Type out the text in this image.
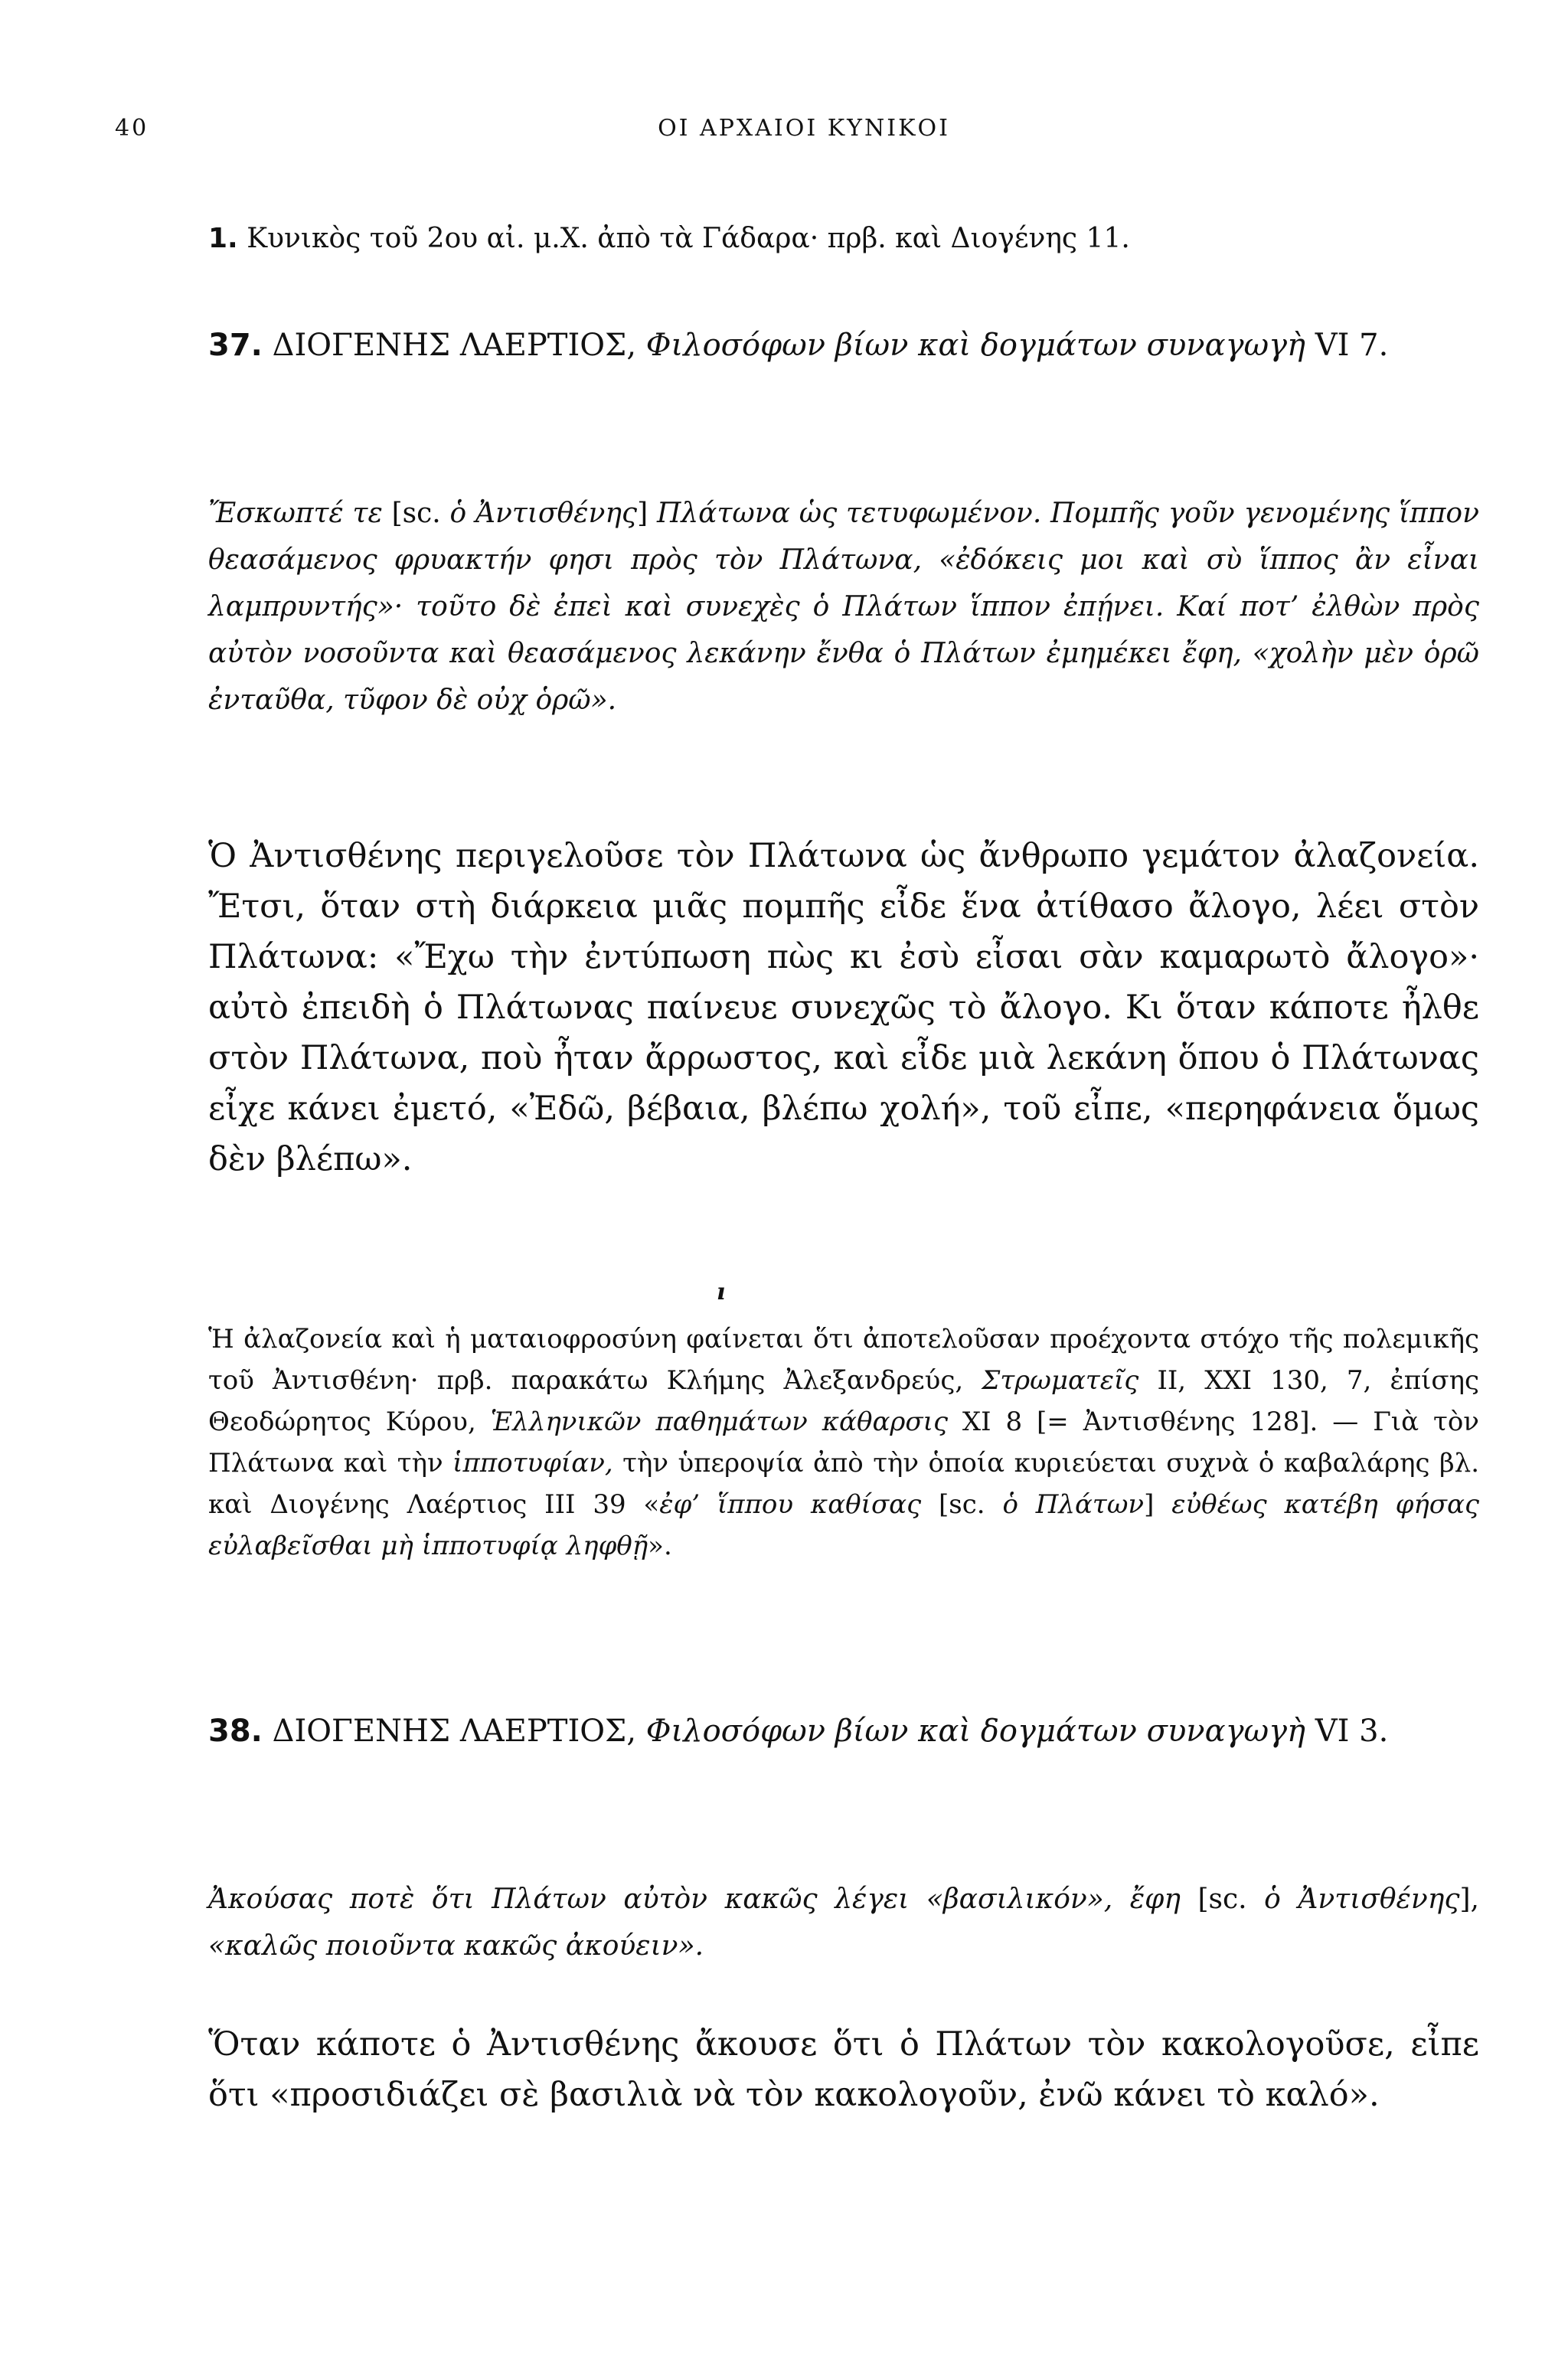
40	ΟΙ ΑΡΧΑΙΟΙ ΚΥΝΙΚΟΙ

1. Κυνικὸς τοῦ 2ου αἰ. μ.Χ. ἀπὸ τὰ Γάδαρα· πρβ. καὶ Διογένης 11.

37. ΔΙΟΓΕΝΗΣ ΛΑΕΡΤΙΟΣ, Φιλοσόφων βίων καὶ δογμάτων συναγωγὴ VI 7.

Ἔσκωπτέ τε [sc. ὁ Ἀντισθένης] Πλάτωνα ὡς τετυφωμένον. Πομπῆς γοῦν γενομένης ἵππον θεασάμενος φρυακτήν φησι πρὸς τὸν Πλάτωνα, «ἐδόκεις μοι καὶ σὺ ἵππος ἂν εἶναι λαμπρυντής»· τοῦτο δὲ ἐπεὶ καὶ συνεχὲς ὁ Πλάτων ἵππον ἐπῄνει. Καί ποτ’ ἐλθὼν πρὸς αὐτὸν νοσοῦντα καὶ θεασάμενος λεκάνην ἔνθα ὁ Πλάτων ἐμημέκει ἔφη, «χολὴν μὲν ὁρῶ ἐνταῦθα, τῦφον δὲ οὐχ ὁρῶ».

Ὁ Ἀντισθένης περιγελοῦσε τὸν Πλάτωνα ὡς ἄνθρωπο γεμάτον ἀλαζονεία. Ἔτσι, ὅταν στὴ διάρκεια μιᾶς πομπῆς εἶδε ἕνα ἀτίθασο ἄλογο, λέει στὸν Πλάτωνα: «Ἔχω τὴν ἐντύπωση πὼς κι ἐσὺ εἶσαι σὰν καμαρωτὸ ἄλογο»· αὐτὸ ἐπειδὴ ὁ Πλάτωνας παίνευε συνεχῶς τὸ ἄλογο. Κι ὅταν κάποτε ἦλθε στὸν Πλάτωνα, ποὺ ἦταν ἄρρωστος, καὶ εἶδε μιὰ λεκάνη ὅπου ὁ Πλάτωνας εἶχε κάνει ἐμετό, «Ἐδῶ, βέβαια, βλέπω χολή», τοῦ εἶπε, «περηφάνεια ὅμως δὲν βλέπω».

ı

Ἡ ἀλαζονεία καὶ ἡ ματαιοφροσύνη φαίνεται ὅτι ἀποτελοῦσαν προέχοντα στόχο τῆς πολεμικῆς τοῦ Ἀντισθένη· πρβ. παρακάτω Κλήμης Ἀλεξανδρεύς, Στρωματεῖς II, XXI 130, 7, ἐπίσης Θεοδώρητος Κύρου, Ἑλληνικῶν παθημάτων κάθαρσις XI 8 [= Ἀντισθένης 128]. — Γιὰ τὸν Πλάτωνα καὶ τὴν ἱπποτυφίαν, τὴν ὑπεροψία ἀπὸ τὴν ὁποία κυριεύεται συχνὰ ὁ καβαλάρης βλ. καὶ Διογένης Λαέρτιος III 39 «ἐφ’ ἵππου καθίσας [sc. ὁ Πλάτων] εὐθέως κατέβη φήσας εὐλαβεῖσθαι μὴ ἱπποτυφίᾳ ληφθῇ».

38. ΔΙΟΓΕΝΗΣ ΛΑΕΡΤΙΟΣ, Φιλοσόφων βίων καὶ δογμάτων συναγωγὴ VI 3.

Ἀκούσας ποτὲ ὅτι Πλάτων αὐτὸν κακῶς λέγει «βασιλικόν», ἔφη [sc. ὁ Ἀντισθένης], «καλῶς ποιοῦντα κακῶς ἀκούειν».

Ὅταν κάποτε ὁ Ἀντισθένης ἄκουσε ὅτι ὁ Πλάτων τὸν κακολογοῦσε, εἶπε ὅτι «προσιδιάζει σὲ βασιλιὰ νὰ τὸν κακολογοῦν, ἐνῶ κάνει τὸ καλό».
